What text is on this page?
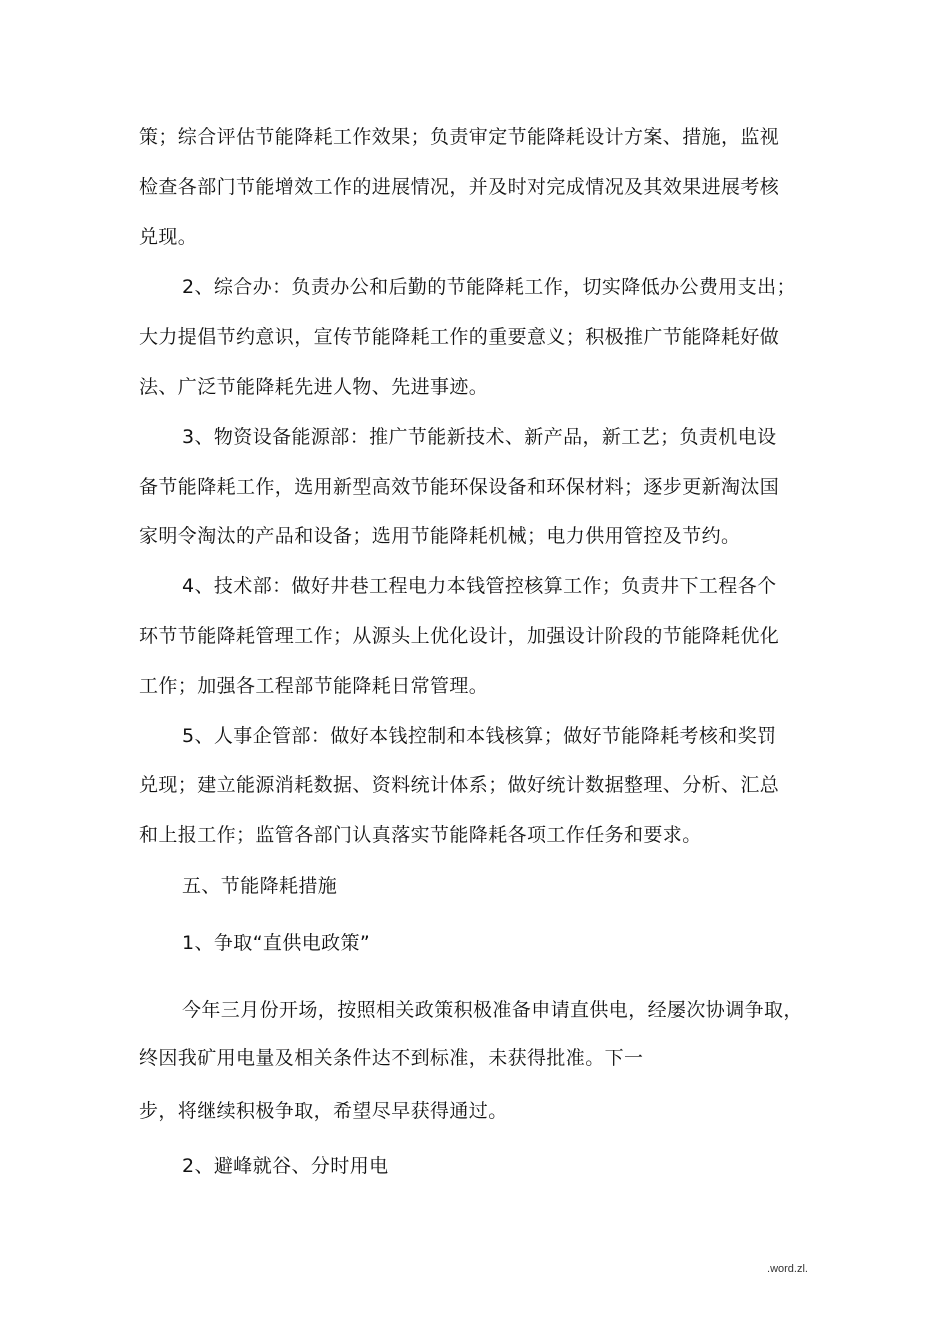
策；综合评估节能降耗工作效果；负责审定节能降耗设计方案、措施，监视
检查各部门节能增效工作的进展情况，并及时对完成情况及其效果进展考核
兑现。
2、综合办：负责办公和后勤的节能降耗工作，切实降低办公费用支出；
大力提倡节约意识，宣传节能降耗工作的重要意义；积极推广节能降耗好做
法、广泛节能降耗先进人物、先进事迹。
3、物资设备能源部：推广节能新技术、新产品，新工艺；负责机电设
备节能降耗工作，选用新型高效节能环保设备和环保材料；逐步更新淘汰国
家明令淘汰的产品和设备；选用节能降耗机械；电力供用管控及节约。
4、技术部：做好井巷工程电力本钱管控核算工作；负责井下工程各个
环节节能降耗管理工作；从源头上优化设计，加强设计阶段的节能降耗优化
工作；加强各工程部节能降耗日常管理。
5、人事企管部：做好本钱控制和本钱核算；做好节能降耗考核和奖罚
兑现；建立能源消耗数据、资料统计体系；做好统计数据整理、分析、汇总
和上报工作；监管各部门认真落实节能降耗各项工作任务和要求。
五、节能降耗措施
1、争取“直供电政策”
今年三月份开场，按照相关政策积极准备申请直供电，经屡次协调争取，
终因我矿用电量及相关条件达不到标准，未获得批准。下一
步，将继续积极争取，希望尽早获得通过。
2、避峰就谷、分时用电
.word.zl.
